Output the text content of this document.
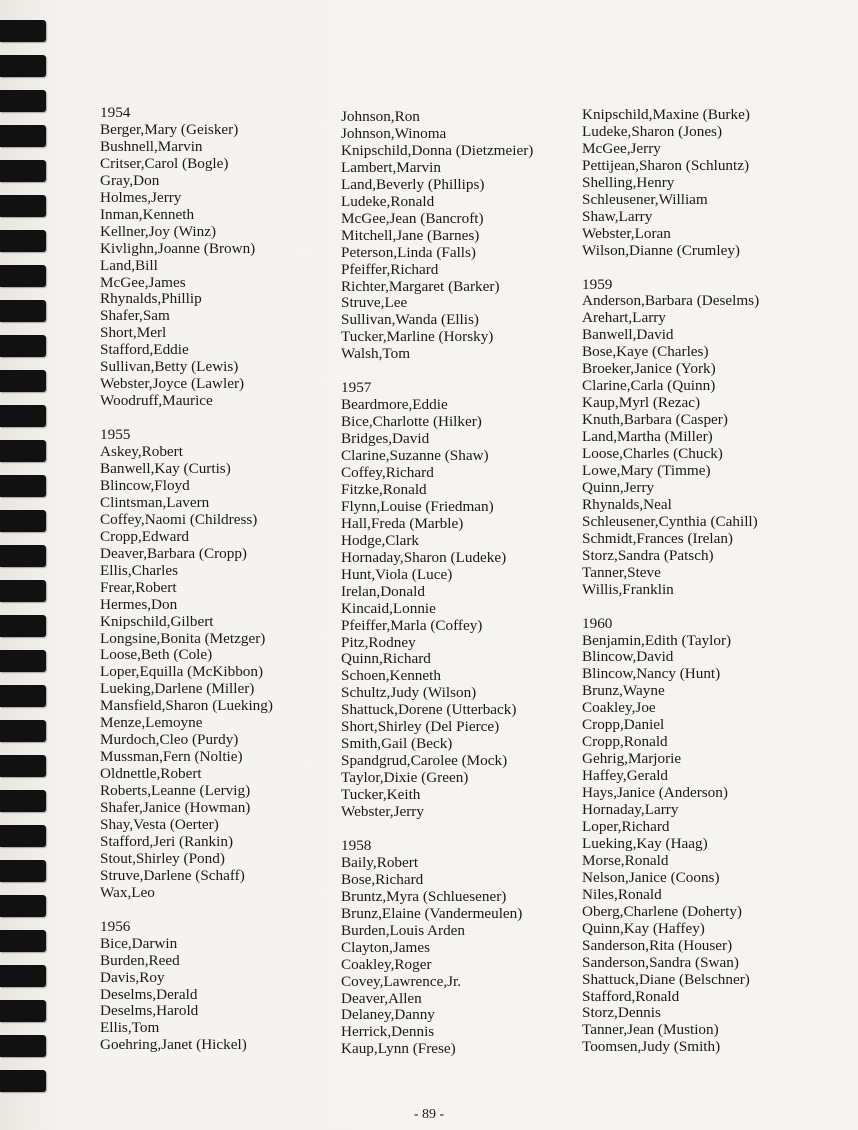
1954
Berger,Mary (Geisker)
Bushnell,Marvin
Critser,Carol (Bogle)
Gray,Don
Holmes,Jerry
Inman,Kenneth
Kellner,Joy (Winz)
Kivlighn,Joanne (Brown)
Land,Bill
McGee,James
Rhynalds,Phillip
Shafer,Sam
Short,Merl
Stafford,Eddie
Sullivan,Betty (Lewis)
Webster,Joyce (Lawler)
Woodruff,Maurice
1955
Askey,Robert
Banwell,Kay (Curtis)
Blincow,Floyd
Clintsman,Lavern
Coffey,Naomi (Childress)
Cropp,Edward
Deaver,Barbara (Cropp)
Ellis,Charles
Frear,Robert
Hermes,Don
Knipschild,Gilbert
Longsine,Bonita (Metzger)
Loose,Beth (Cole)
Loper,Equilla (McKibbon)
Lueking,Darlene (Miller)
Mansfield,Sharon (Lueking)
Menze,Lemoyne
Murdoch,Cleo (Purdy)
Mussman,Fern (Noltie)
Oldnettle,Robert
Roberts,Leanne (Lervig)
Shafer,Janice (Howman)
Shay,Vesta (Oerter)
Stafford,Jeri (Rankin)
Stout,Shirley (Pond)
Struve,Darlene (Schaff)
Wax,Leo
1956
Bice,Darwin
Burden,Reed
Davis,Roy
Deselms,Derald
Deselms,Harold
Ellis,Tom
Goehring,Janet (Hickel)
Johnson,Ron
Johnson,Winoma
Knipschild,Donna (Dietzmeier)
Lambert,Marvin
Land,Beverly (Phillips)
Ludeke,Ronald
McGee,Jean (Bancroft)
Mitchell,Jane (Barnes)
Peterson,Linda (Falls)
Pfeiffer,Richard
Richter,Margaret (Barker)
Struve,Lee
Sullivan,Wanda (Ellis)
Tucker,Marline (Horsky)
Walsh,Tom
1957
Beardmore,Eddie
Bice,Charlotte (Hilker)
Bridges,David
Clarine,Suzanne (Shaw)
Coffey,Richard
Fitzke,Ronald
Flynn,Louise (Friedman)
Hall,Freda (Marble)
Hodge,Clark
Hornaday,Sharon (Ludeke)
Hunt,Viola (Luce)
Irelan,Donald
Kincaid,Lonnie
Pfeiffer,Marla (Coffey)
Pitz,Rodney
Quinn,Richard
Schoen,Kenneth
Schultz,Judy (Wilson)
Shattuck,Dorene (Utterback)
Short,Shirley (Del Pierce)
Smith,Gail (Beck)
Spandgrud,Carolee (Mock)
Taylor,Dixie (Green)
Tucker,Keith
Webster,Jerry
1958
Baily,Robert
Bose,Richard
Bruntz,Myra (Schluesener)
Brunz,Elaine (Vandermeulen)
Burden,Louis Arden
Clayton,James
Coakley,Roger
Covey,Lawrence,Jr.
Deaver,Allen
Delaney,Danny
Herrick,Dennis
Kaup,Lynn (Frese)
Knipschild,Maxine (Burke)
Ludeke,Sharon (Jones)
McGee,Jerry
Pettijean,Sharon (Schluntz)
Shelling,Henry
Schleusener,William
Shaw,Larry
Webster,Loran
Wilson,Dianne (Crumley)
1959
Anderson,Barbara (Deselms)
Arehart,Larry
Banwell,David
Bose,Kaye (Charles)
Broeker,Janice (York)
Clarine,Carla (Quinn)
Kaup,Myrl (Rezac)
Knuth,Barbara (Casper)
Land,Martha (Miller)
Loose,Charles (Chuck)
Lowe,Mary (Timme)
Quinn,Jerry
Rhynalds,Neal
Schleusener,Cynthia (Cahill)
Schmidt,Frances (Irelan)
Storz,Sandra (Patsch)
Tanner,Steve
Willis,Franklin
1960
Benjamin,Edith (Taylor)
Blincow,David
Blincow,Nancy (Hunt)
Brunz,Wayne
Coakley,Joe
Cropp,Daniel
Cropp,Ronald
Gehrig,Marjorie
Haffey,Gerald
Hays,Janice (Anderson)
Hornaday,Larry
Loper,Richard
Lueking,Kay (Haag)
Morse,Ronald
Nelson,Janice (Coons)
Niles,Ronald
Oberg,Charlene (Doherty)
Quinn,Kay (Haffey)
Sanderson,Rita (Houser)
Sanderson,Sandra (Swan)
Shattuck,Diane (Belschner)
Stafford,Ronald
Storz,Dennis
Tanner,Jean (Mustion)
Toomsen,Judy (Smith)
- 89 -
